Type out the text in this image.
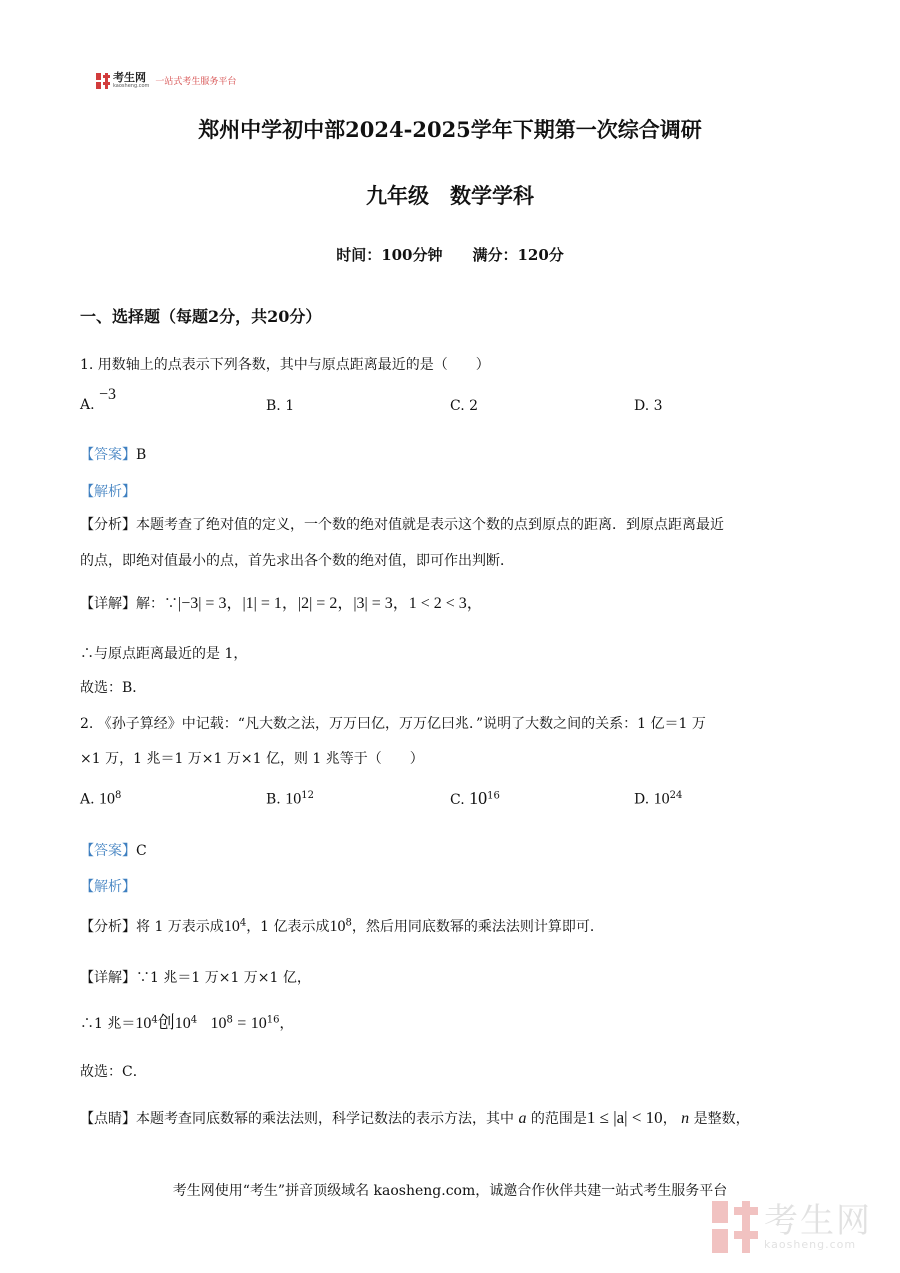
考生网
kaosheng.com 一站式考生服务平台
郑州中学初中部2024-2025学年下期第一次综合调研
九年级　数学学科
时间：100分钟　　满分：120分
一、选择题（每题2分，共20分）
1. 用数轴上的点表示下列各数，其中与原点距离最近的是（　　）
A. −3
B. 1	C. 2	D. 3
【答案】B
【解析】
【分析】本题考查了绝对值的定义，一个数的绝对值就是表示这个数的点到原点的距离．到原点距离最近
的点，即绝对值最小的点，首先求出各个数的绝对值，即可作出判断．
【详解】解：∵|−3| = 3，|1| = 1，|2| = 2，|3| = 3，1 < 2 < 3，
∴与原点距离最近的是 1，
故选：B．
2. 《孙子算经》中记载：“凡大数之法，万万曰亿，万万亿曰兆．”说明了大数之间的关系：1 亿＝1 万
×1 万，1 兆＝1 万×1 万×1 亿，则 1 兆等于（　　）
A. $10^8$	B. $10^{12}$	C. $10^{16}$	D. $10^{24}$
【答案】C
【解析】
【分析】将 1 万表示成$10^4$，1 亿表示成$10^8$，然后用同底数幂的乘法法则计算即可．
【详解】∵1 兆＝1 万×1 万×1 亿，
∴1 兆$=10^4$创$10^4$ $10^8 = 10^{16}$，
故选：C．
【点睛】本题考查同底数幂的乘法法则，科学记数法的表示方法，其中 a 的范围是1 ≤ |a| < 10， n 是整数，
考生网使用“考生”拼音顶级域名 kaosheng.com，诚邀合作伙伴共建一站式考生服务平台
考生网
kaosheng.com
